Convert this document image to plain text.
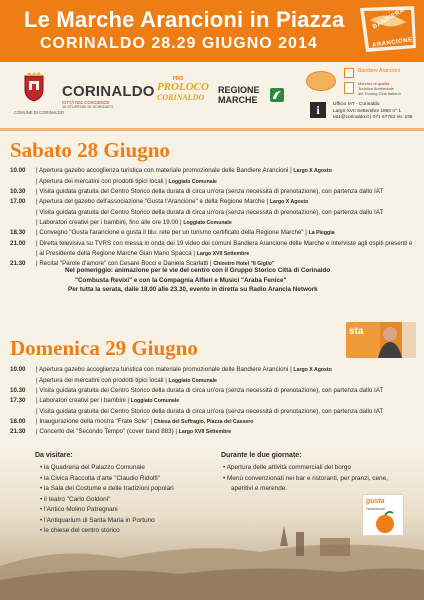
Le Marche Arancioni in Piazza
CORINALDO 28.29 GIUGNO 2014
BANDIERA
ARANCIONE
COMUNE DI CORINALDO
CORINALDO
CITTÀ DEL COSCIENCE
10 STUPENDI DI SCHEDATO
PRO
PROLOCO
CORINALDO
REGIONE
MARCHE
Bandiere Arancioni
Marchio di qualità
Turistico Ambientale
del Touring Club Italiano
i	Ufficio IAT - Corinaldo
Largo XVII Settembre 1860 n° 1
iat1@corinaldo.it | 071 67782 int. 236
Sabato 28 Giugno
10.00 | Apertura gazebo accoglienza turistica con materiale promozionale delle Bandiere Arancioni | Largo X Agosto
| Apertura dei mercatini con prodotti tipici locali | Loggiato Comunale
10.30 | Visita guidata gratuita del Centro Storico della durata di circa un'ora (senza necessità di prenotazione), con partenza dallo IAT
17.00 | Apertura del gazebo dell'associazione "Gusta l'Arancione" e della Regione Marche | Largo X Agosto
| Visita guidata gratuita del Centro Storico della durata di circa un'ora (senza necessità di prenotazione), con partenza dallo IAT
| Laboratori creativi per i bambini, fino alle ore 19.00 | Loggiato Comunale
18.30 | Convegno "Gusta l'arancione e gusta il blu: rete per un turismo certificato della Regione Marche" | La Pieggia
21.00 | Diretta televisiva su TVRS con messa in onda dei 19 video dei comuni Bandiera Arancione delle Marche e interviste agli ospiti presenti e
| al Presidente della Regione Marche Gian Mario Spacca | Largo XVII Settembre
21.30 | Recital "Parole d'amore" con Cesare Bocci e Daniela Scarlatti | Chiostro Hotel "Il Giglio"
Nel pomeriggio: animazione per le vie del centro con il Gruppo Storico Città di Corinaldo
"Combusta Revixi" e con la Compagnia Alfieri e Musici "Araba Fenice"
Per tutta la serata, dalle 18.00 alle 23.30, evento in diretta su Radio Arancia Network
sta
Domenica 29 Giugno
10.00 | Apertura gazebo accoglienza turistica con materiale promozionale delle Bandiere Arancioni | Largo X Agosto
| Apertura dei mercatini con prodotti tipici locali | Loggiato Comunale
10.30 | Visita guidata gratuita del Centro Storico della durata di circa un'ora (senza necessità di prenotazione), con partenza dallo IAT
17.30 | Laboratori creativi per i bambini | Loggiato Comunale
| Visita guidata gratuita del Centro Storico della durata di circa un'ora (senza necessità di prenotazione), con partenza dallo IAT
18.00 | Inaugurazione della mostra "Frate Sole" | Chiesa del Suffragio, Piazza del Cassero
21.30 | Concerto dei "Secondo Tempo" (cover band 883) | Largo XVII Settembre
Da visitare:
• la Quadreria del Palazzo Comunale
• la Civica Raccolta d'arte "Claudio Ridolfi"
• la Sala del Costume e delle tradizioni popolari
• il teatro "Carlo Goldoni"
• l'Antico Molino Patregnani
• l'Antiquarium di Santa Maria in Portuno
• le chiese del centro storico
Durante le due giornate:
• Apertura delle attività commerciali del borgo
• Menù convenzionati nei bar e ristoranti, per pranzi, cene,
aperitivi e merende.
gusta
l'arancione
